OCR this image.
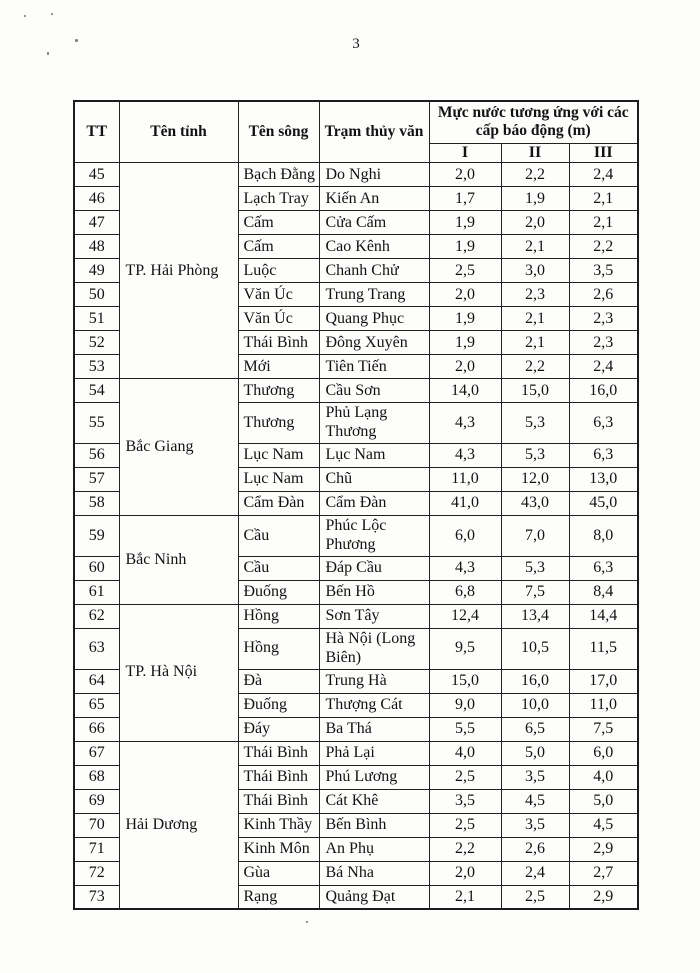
3
TT	Tên tỉnh	Tên sông	Trạm thủy văn	Mực nước tương ứng với các cấp báo động (m)		
				I	II	III
45	TP. Hải Phòng	Bạch Đằng	Do Nghi	2,0	2,2	2,4
46		Lạch Tray	Kiến An	1,7	1,9	2,1
47		Cấm	Cửa Cấm	1,9	2,0	2,1
48		Cấm	Cao Kênh	1,9	2,1	2,2
49		Luộc	Chanh Chử	2,5	3,0	3,5
50		Văn Úc	Trung Trang	2,0	2,3	2,6
51		Văn Úc	Quang Phục	1,9	2,1	2,3
52		Thái Bình	Đông Xuyên	1,9	2,1	2,3
53		Mới	Tiên Tiến	2,0	2,2	2,4
54	Bắc Giang	Thương	Cầu Sơn	14,0	15,0	16,0
55		Thương	Phủ Lạng Thương	4,3	5,3	6,3
56		Lục Nam	Lục Nam	4,3	5,3	6,3
57		Lục Nam	Chũ	11,0	12,0	13,0
58		Cẩm Đàn	Cẩm Đàn	41,0	43,0	45,0
59	Bắc Ninh	Cầu	Phúc Lộc Phương	6,0	7,0	8,0
60		Cầu	Đáp Cầu	4,3	5,3	6,3
61		Đuống	Bến Hồ	6,8	7,5	8,4
62	TP. Hà Nội	Hồng	Sơn Tây	12,4	13,4	14,4
63		Hồng	Hà Nội (Long Biên)	9,5	10,5	11,5
64		Đà	Trung Hà	15,0	16,0	17,0
65		Đuống	Thượng Cát	9,0	10,0	11,0
66		Đáy	Ba Thá	5,5	6,5	7,5
67	Hải Dương	Thái Bình	Phả Lại	4,0	5,0	6,0
68		Thái Bình	Phú Lương	2,5	3,5	4,0
69		Thái Bình	Cát Khê	3,5	4,5	5,0
70		Kinh Thầy	Bến Bình	2,5	3,5	4,5
71		Kinh Môn	An Phụ	2,2	2,6	2,9
72		Gùa	Bá Nha	2,0	2,4	2,7
73		Rạng	Quảng Đạt	2,1	2,5	2,9
